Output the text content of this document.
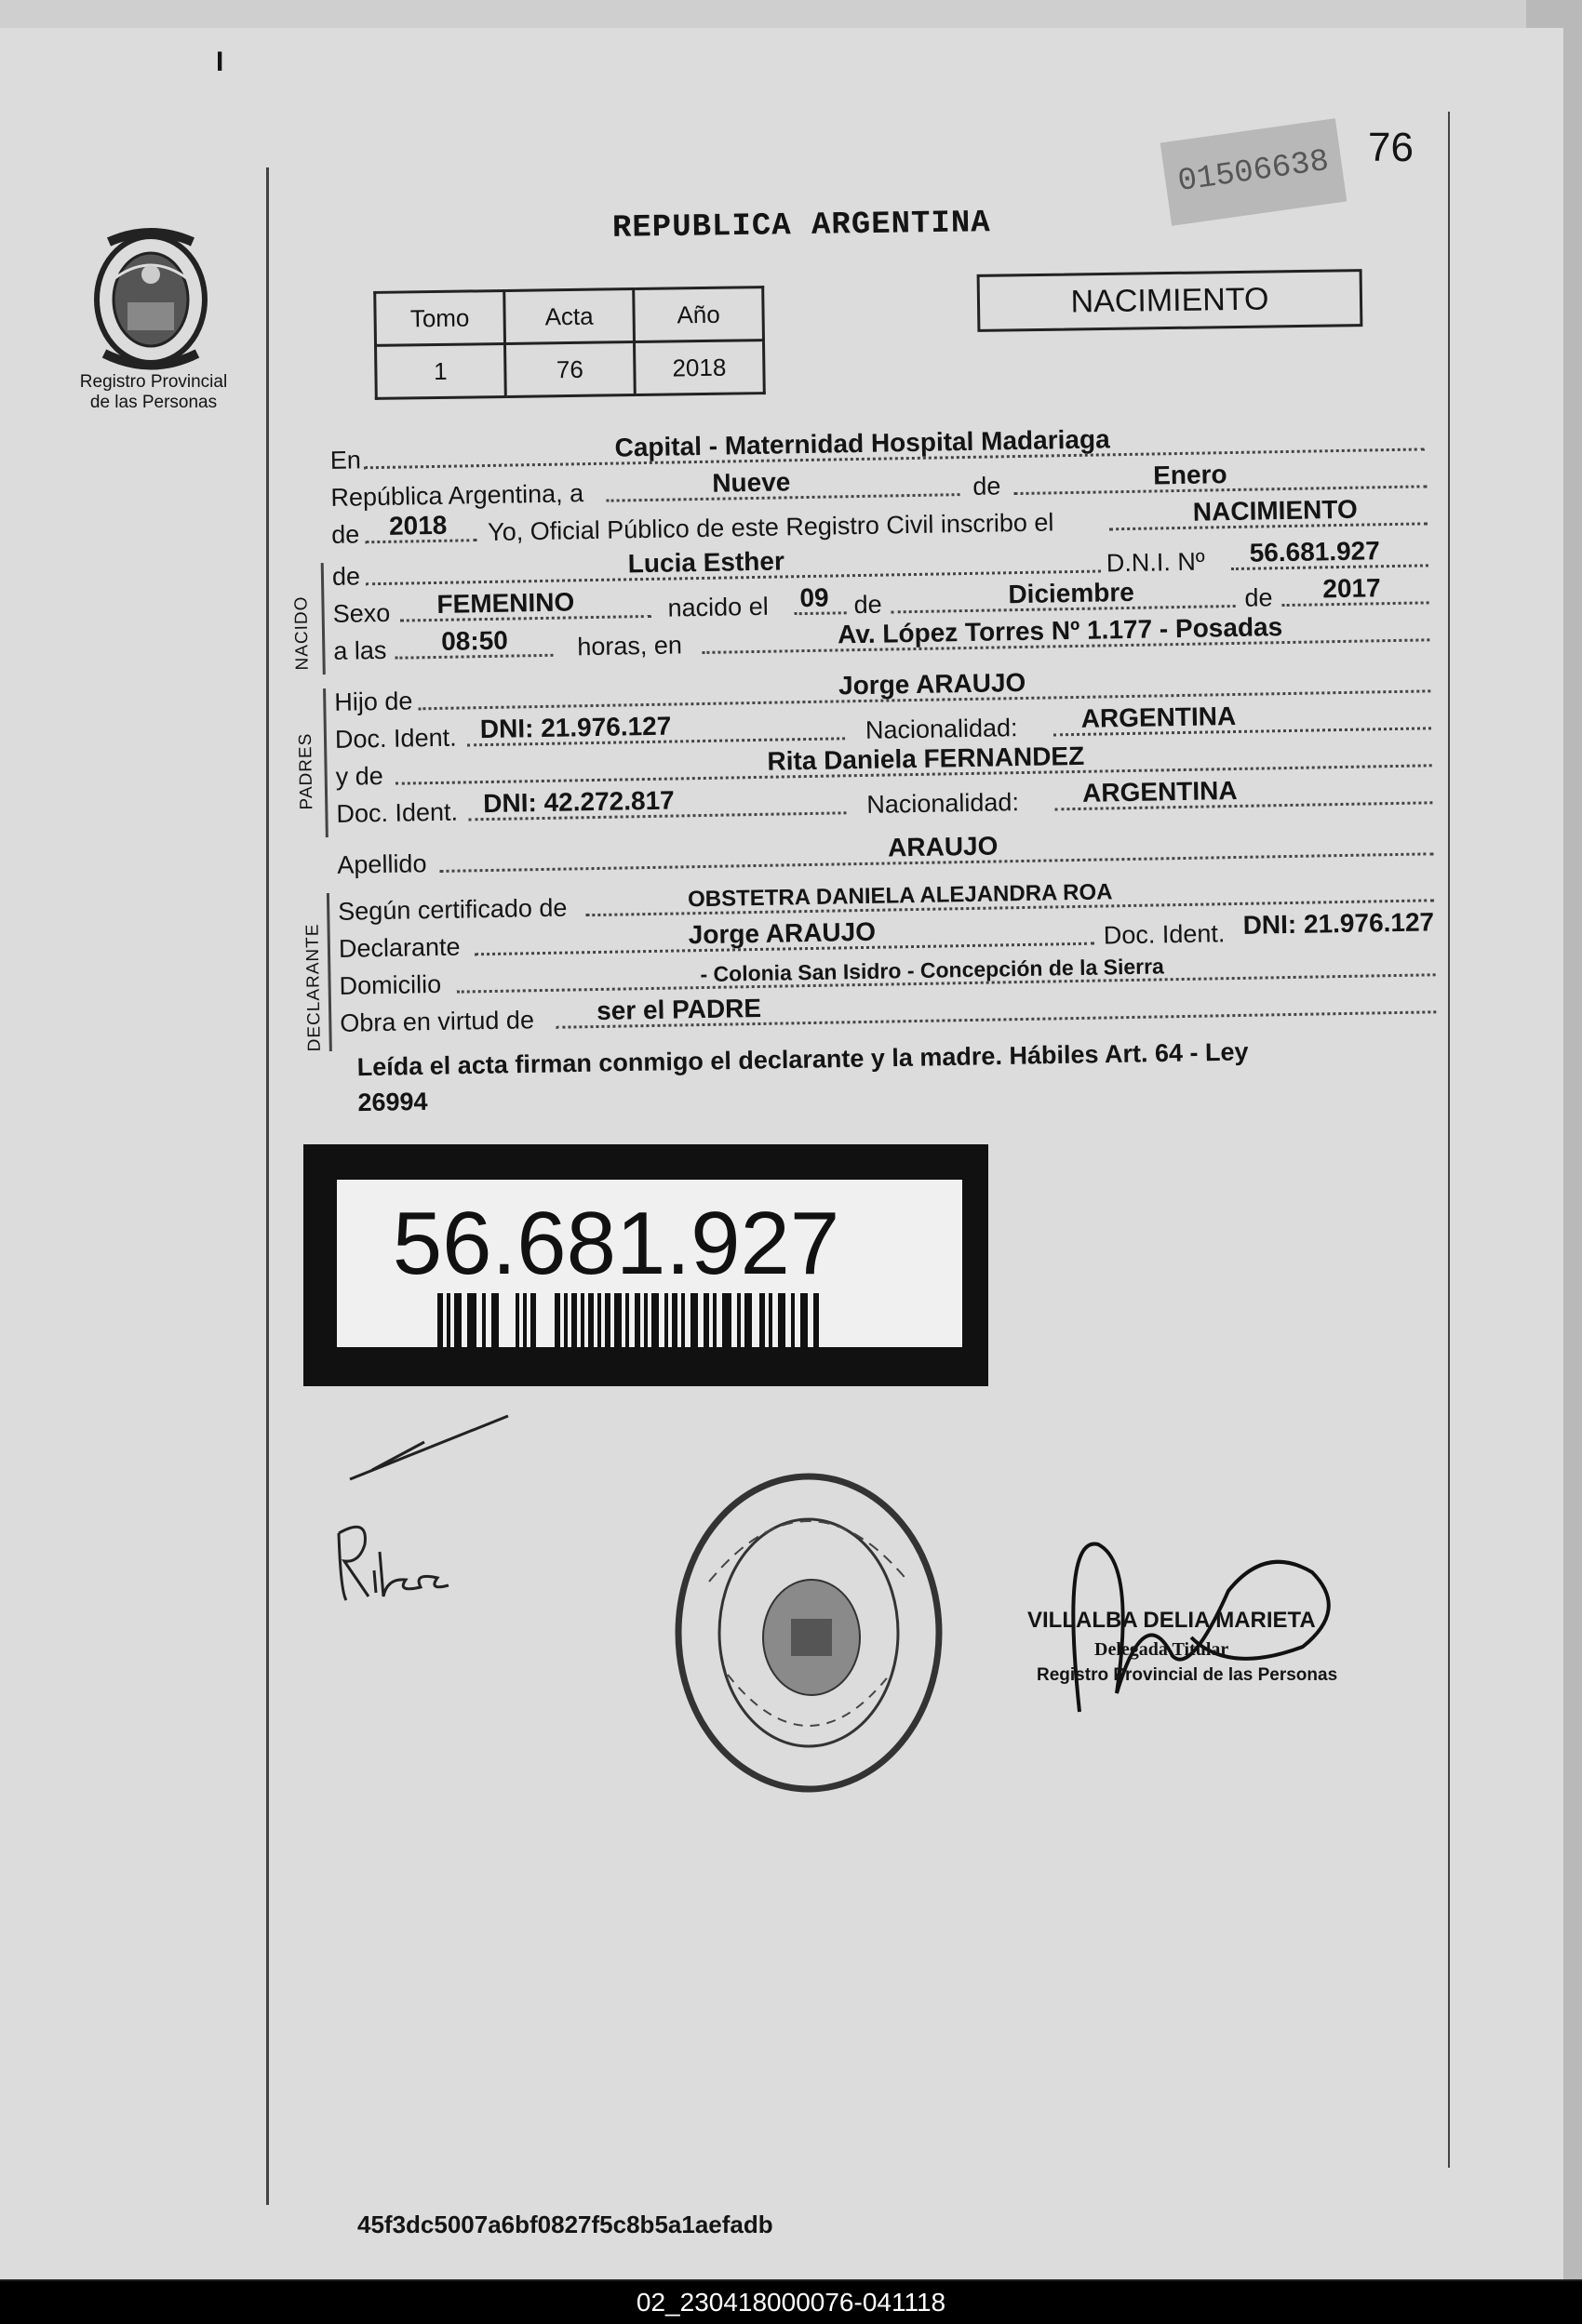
I
Registro Provincial
de las Personas
REPUBLICA ARGENTINA
01506638 76
Tomo	Acta	Año
1	76	2018
NACIMIENTO
En	Capital - Maternidad Hospital Madariaga
República Argentina, a	Nueve	de	Enero
de 2018 Yo, Oficial Público de este Registro Civil inscribo el	NACIMIENTO
de	Lucia Esther	D.N.I. Nº 56.681.927
Sexo FEMENINO	nacido el 09 de	Diciembre	de 2017
a las 08:50	horas, en	Av. López Torres Nº 1.177 - Posadas
Hijo de
Jorge ARAUJO
Doc. Ident. DNI: 21.976.127	Nacionalidad: ARGENTINA
y de
Rita Daniela FERNANDEZ
Doc. Ident. DNI: 42.272.817	Nacionalidad: ARGENTINA
Apellido
ARAUJO
Según certificado de	OBSTETRA DANIELA ALEJANDRA ROA
Declarante	Jorge ARAUJO	Doc. Ident. DNI: 21.976.127
Domicilio	- Colonia San Isidro - Concepción de la Sierra
Obra en virtud de ser el PADRE
NACIDO
PADRES
DECLARANTE
Leída el acta firman conmigo el declarante y la madre. Hábiles Art. 64 - Ley
26994
56.681.927
VILLALBA DELIA MARIETA
Delegada Titular
Registro Provincial de las Personas
45f3dc5007a6bf0827f5c8b5a1aefadb
02_230418000076-041118
